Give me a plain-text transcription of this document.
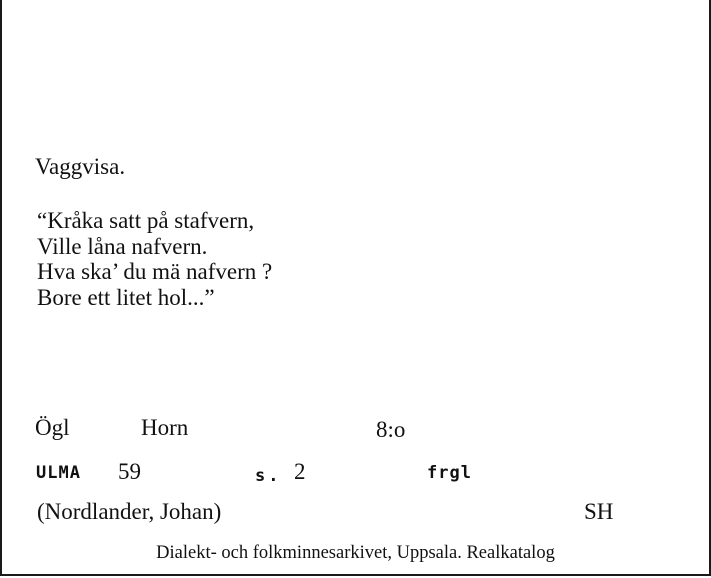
Vaggvisa.
“Kråka satt på stafvern,
Ville låna nafvern.
Hva ska’ du mä nafvern ?
Bore ett litet hol...”
Ögl	Horn	8:o
ULMA 59	s. 2	frgl
(Nordlander, Johan)	SH
Dialekt- och folkminnesarkivet, Uppsala. Realkatalog
